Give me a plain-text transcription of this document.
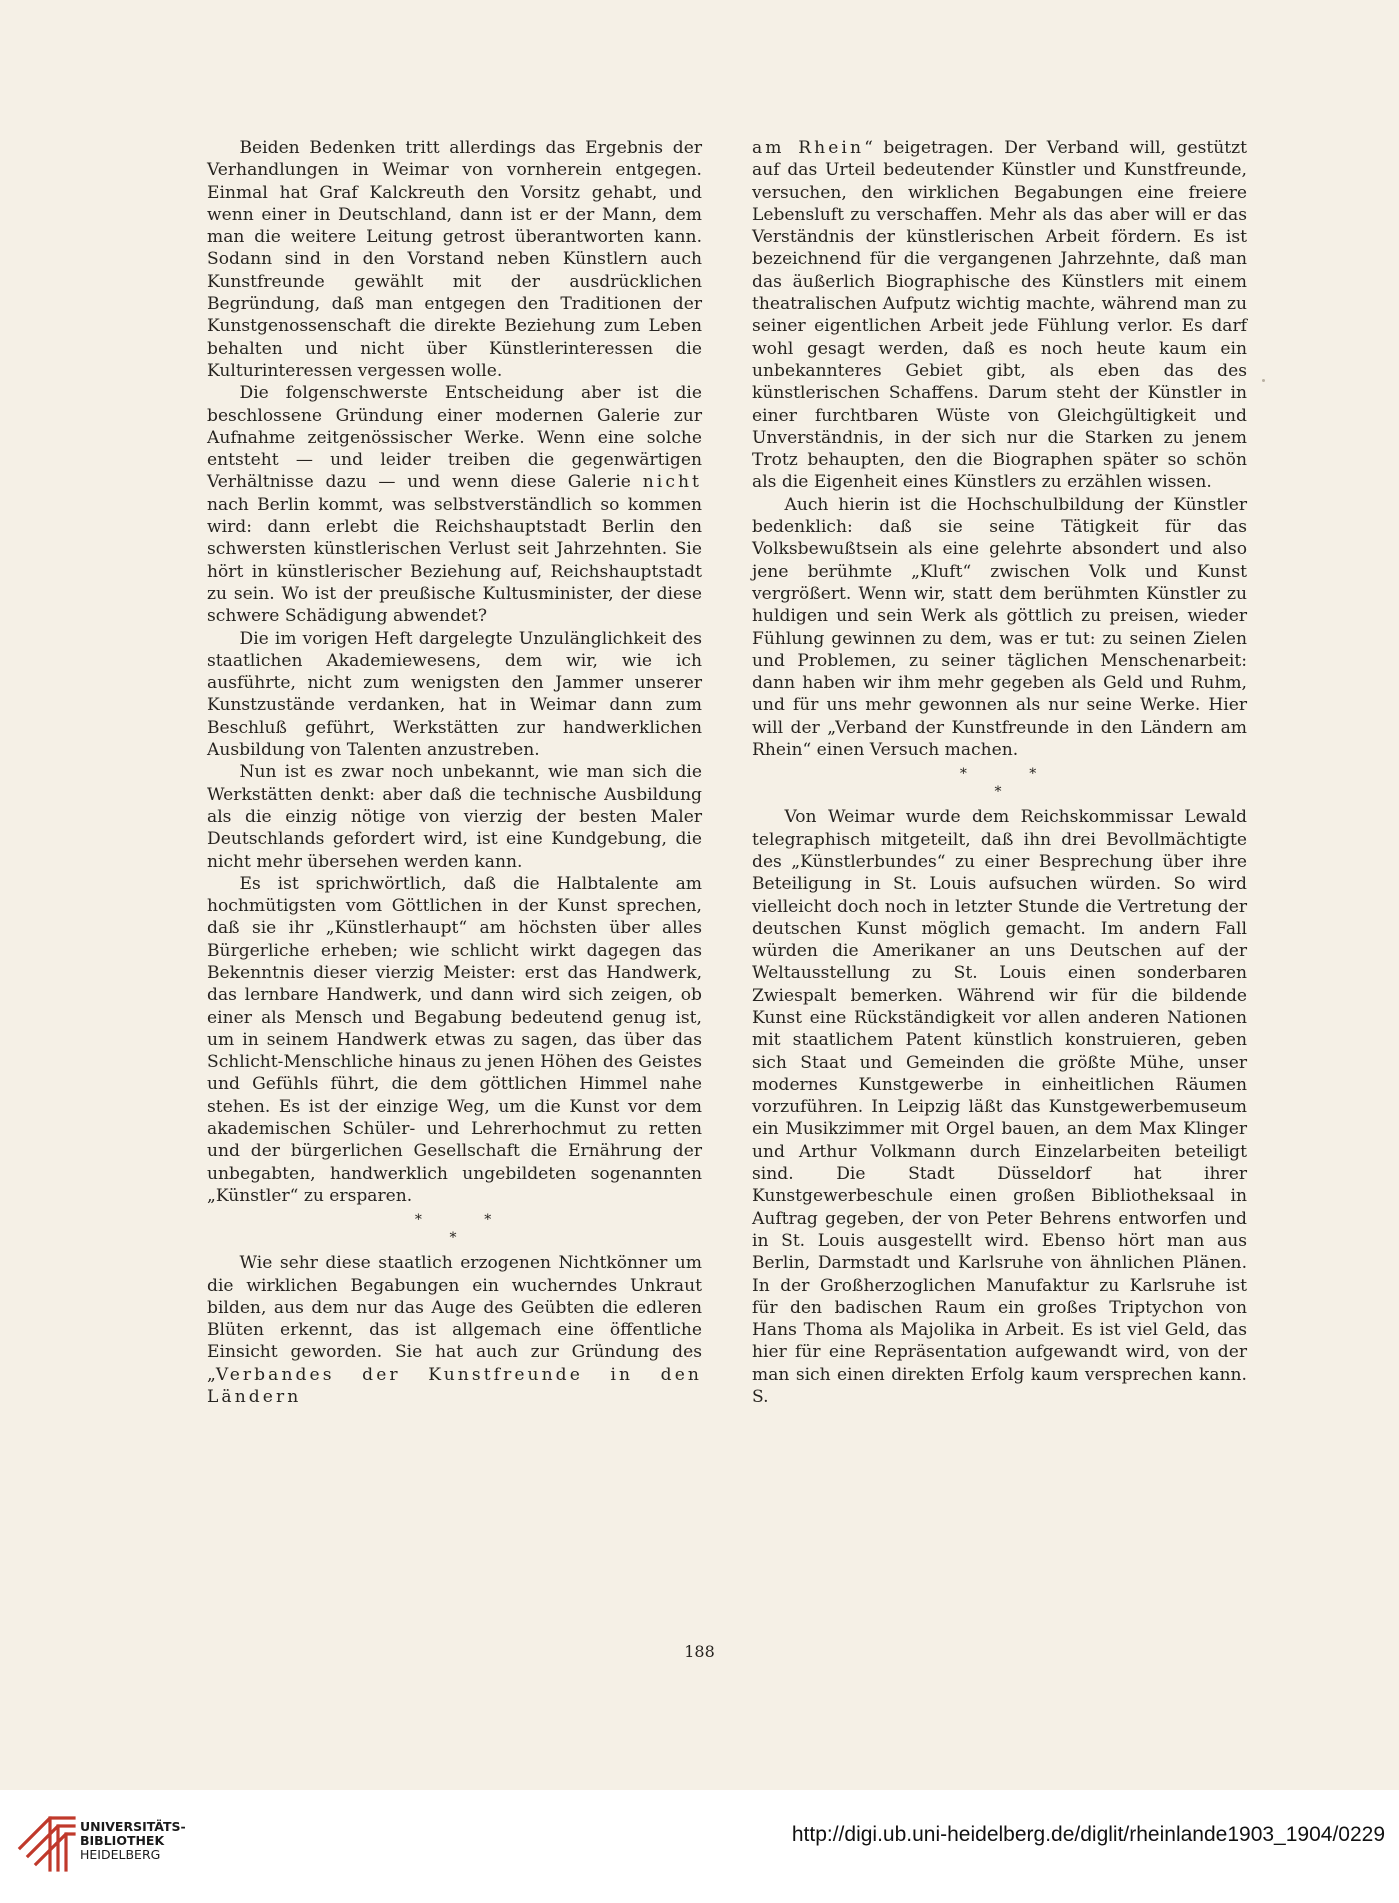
Beiden Bedenken tritt allerdings das Ergebnis der Verhandlungen in Weimar von vornherein entgegen. Einmal hat Graf Kalckreuth den Vorsitz gehabt, und wenn einer in Deutschland, dann ist er der Mann, dem man die weitere Leitung getrost überantworten kann. Sodann sind in den Vorstand neben Künstlern auch Kunstfreunde gewählt mit der ausdrücklichen Begründung, daß man entgegen den Traditionen der Kunstgenossenschaft die direkte Beziehung zum Leben behalten und nicht über Künstlerinteressen die Kulturinteressen vergessen wolle.

Die folgenschwerste Entscheidung aber ist die beschlossene Gründung einer modernen Galerie zur Aufnahme zeitgenössischer Werke. Wenn eine solche entsteht — und leider treiben die gegenwärtigen Verhältnisse dazu — und wenn diese Galerie nicht nach Berlin kommt, was selbstverständlich so kommen wird: dann erlebt die Reichshauptstadt Berlin den schwersten künstlerischen Verlust seit Jahrzehnten. Sie hört in künstlerischer Beziehung auf, Reichshauptstadt zu sein. Wo ist der preußische Kultusminister, der diese schwere Schädigung abwendet?

Die im vorigen Heft dargelegte Unzulänglichkeit des staatlichen Akademiewesens, dem wir, wie ich ausführte, nicht zum wenigsten den Jammer unserer Kunstzustände verdanken, hat in Weimar dann zum Beschluß geführt, Werkstätten zur handwerklichen Ausbildung von Talenten anzustreben.

Nun ist es zwar noch unbekannt, wie man sich die Werkstätten denkt: aber daß die technische Ausbildung als die einzig nötige von vierzig der besten Maler Deutschlands gefordert wird, ist eine Kundgebung, die nicht mehr übersehen werden kann.

Es ist sprichwörtlich, daß die Halbtalente am hochmütigsten vom Göttlichen in der Kunst sprechen, daß sie ihr „Künstlerhaupt“ am höchsten über alles Bürgerliche erheben; wie schlicht wirkt dagegen das Bekenntnis dieser vierzig Meister: erst das Handwerk, das lernbare Handwerk, und dann wird sich zeigen, ob einer als Mensch und Begabung bedeutend genug ist, um in seinem Handwerk etwas zu sagen, das über das Schlicht-Menschliche hinaus zu jenen Höhen des Geistes und Gefühls führt, die dem göttlichen Himmel nahe stehen. Es ist der einzige Weg, um die Kunst vor dem akademischen Schüler- und Lehrerhochmut zu retten und der bürgerlichen Gesellschaft die Ernährung der unbegabten, handwerklich ungebildeten sogenannten „Künstler“ zu ersparen.

*	*
*

Wie sehr diese staatlich erzogenen Nichtkönner um die wirklichen Begabungen ein wucherndes Unkraut bilden, aus dem nur das Auge des Geübten die edleren Blüten erkennt, das ist allgemach eine öffentliche Einsicht geworden. Sie hat auch zur Gründung des „Verbandes der Kunstfreunde in den Ländern

am Rhein“ beigetragen. Der Verband will, gestützt auf das Urteil bedeutender Künstler und Kunstfreunde, versuchen, den wirklichen Begabungen eine freiere Lebensluft zu verschaffen. Mehr als das aber will er das Verständnis der künstlerischen Arbeit fördern. Es ist bezeichnend für die vergangenen Jahrzehnte, daß man das äußerlich Biographische des Künstlers mit einem theatralischen Aufputz wichtig machte, während man zu seiner eigentlichen Arbeit jede Fühlung verlor. Es darf wohl gesagt werden, daß es noch heute kaum ein unbekannteres Gebiet gibt, als eben das des künstlerischen Schaffens. Darum steht der Künstler in einer furchtbaren Wüste von Gleichgültigkeit und Unverständnis, in der sich nur die Starken zu jenem Trotz behaupten, den die Biographen später so schön als die Eigenheit eines Künstlers zu erzählen wissen.

Auch hierin ist die Hochschulbildung der Künstler bedenklich: daß sie seine Tätigkeit für das Volksbewußtsein als eine gelehrte absondert und also jene berühmte „Kluft“ zwischen Volk und Kunst vergrößert. Wenn wir, statt dem berühmten Künstler zu huldigen und sein Werk als göttlich zu preisen, wieder Fühlung gewinnen zu dem, was er tut: zu seinen Zielen und Problemen, zu seiner täglichen Menschenarbeit: dann haben wir ihm mehr gegeben als Geld und Ruhm, und für uns mehr gewonnen als nur seine Werke. Hier will der „Verband der Kunstfreunde in den Ländern am Rhein“ einen Versuch machen.

*	*
*

Von Weimar wurde dem Reichskommissar Lewald telegraphisch mitgeteilt, daß ihn drei Bevollmächtigte des „Künstlerbundes“ zu einer Besprechung über ihre Beteiligung in St. Louis aufsuchen würden. So wird vielleicht doch noch in letzter Stunde die Vertretung der deutschen Kunst möglich gemacht. Im andern Fall würden die Amerikaner an uns Deutschen auf der Weltausstellung zu St. Louis einen sonderbaren Zwiespalt bemerken. Während wir für die bildende Kunst eine Rückständigkeit vor allen anderen Nationen mit staatlichem Patent künstlich konstruieren, geben sich Staat und Gemeinden die größte Mühe, unser modernes Kunstgewerbe in einheitlichen Räumen vorzuführen. In Leipzig läßt das Kunstgewerbemuseum ein Musikzimmer mit Orgel bauen, an dem Max Klinger und Arthur Volkmann durch Einzelarbeiten beteiligt sind. Die Stadt Düsseldorf hat ihrer Kunstgewerbeschule einen großen Bibliotheksaal in Auftrag gegeben, der von Peter Behrens entworfen und in St. Louis ausgestellt wird. Ebenso hört man aus Berlin, Darmstadt und Karlsruhe von ähnlichen Plänen. In der Großherzoglichen Manufaktur zu Karlsruhe ist für den badischen Raum ein großes Triptychon von Hans Thoma als Majolika in Arbeit. Es ist viel Geld, das hier für eine Repräsentation aufgewandt wird, von der man sich einen direkten Erfolg kaum versprechen kann. S.

188
UNIVERSITÄTS-
BIBLIOTHEK
HEIDELBERG
http://digi.ub.uni-heidelberg.de/diglit/rheinlande1903_1904/0229
